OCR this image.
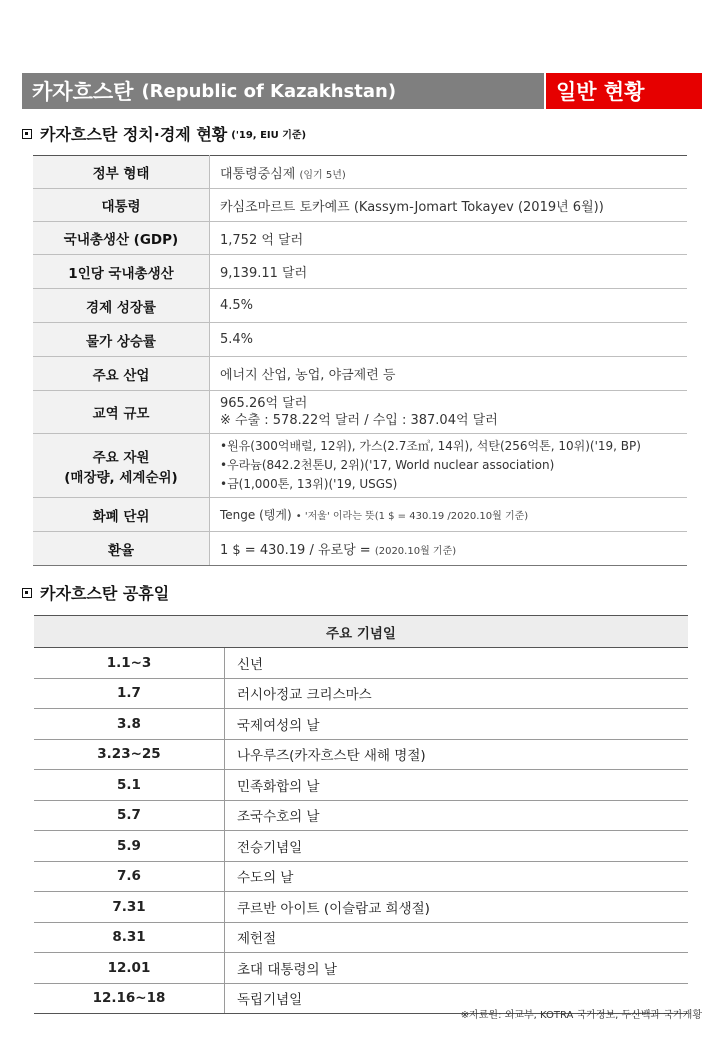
카자흐스탄 (Republic of Kazakhstan)	일반 현황
카자흐스탄 정치·경제 현황 ('19, EIU 기준)
정부 형태	대통령중심제 (임기 5년)
대통령	카심조마르트 토카예프 (Kassym-Jomart Tokayev (2019년 6월))
국내총생산 (GDP)	1,752 억 달러
1인당 국내총생산	9,139.11 달러
경제 성장률	4.5%
물가 상승률	5.4%
주요 산업	에너지 산업, 농업, 야금제련 등
교역 규모	965.26억 달러
※ 수출 : 578.22억 달러 / 수입 : 387.04억 달러

주요 자원
(매장량, 세계순위)	•원유(300억배럴, 12위), 가스(2.7조㎥, 14위), 석탄(256억톤, 10위)('19, BP)
•우라늄(842.2천톤U, 2위)('17, World nuclear association)
•금(1,000톤, 13위)('19, USGS)

화폐 단위	Tenge (텡게) • '저울' 이라는 뜻(1 $ = 430.19 /2020.10월 기준)
환율	1 $ = 430.19 / 유로당 = (2020.10월 기준)
카자흐스탄 공휴일
주요 기념일	
1.1~3	신년
1.7	러시아정교 크리스마스
3.8	국제여성의 날
3.23~25	나우루즈(카자흐스탄 새해 명절)
5.1	민족화합의 날
5.7	조국수호의 날
5.9	전승기념일
7.6	수도의 날
7.31	쿠르반 아이트 (이슬람교 희생절)
8.31	제헌절
12.01	초대 대통령의 날
12.16~18	독립기념일
※자료원: 외교부, KOTRA 국가정보, 두산백과 국가개황
